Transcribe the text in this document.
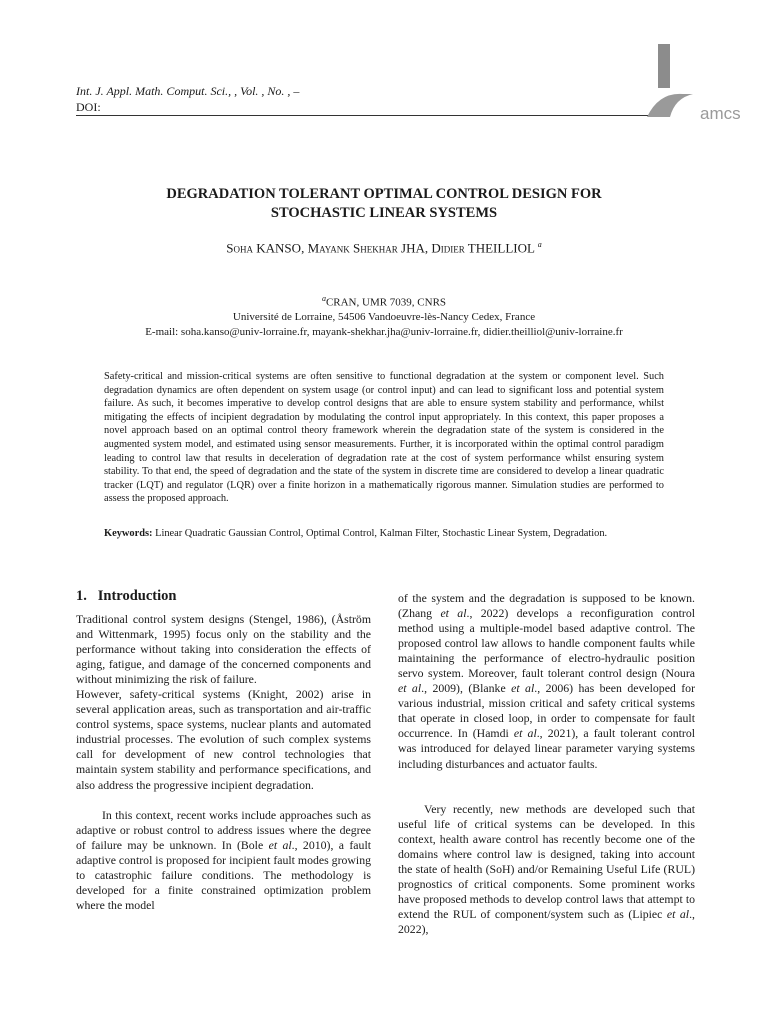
Int. J. Appl. Math. Comput. Sci., , Vol. , No. , –
DOI:	amcs
DEGRADATION TOLERANT OPTIMAL CONTROL DESIGN FOR
STOCHASTIC LINEAR SYSTEMS
Soha KANSO, Mayank Shekhar JHA, Didier THEILLIOL $^a$
$^a$CRAN, UMR 7039, CNRS
Université de Lorraine, 54506 Vandoeuvre-lès-Nancy Cedex, France
E-mail: soha.kanso@univ-lorraine.fr, mayank-shekhar.jha@univ-lorraine.fr, didier.theilliol@univ-lorraine.fr
Safety-critical and mission-critical systems are often sensitive to functional degradation at the system or component level. Such degradation dynamics are often dependent on system usage (or control input) and can lead to significant loss and potential system failure. As such, it becomes imperative to develop control designs that are able to ensure system stability and performance, whilst mitigating the effects of incipient degradation by modulating the control input appropriately. In this context, this paper proposes a novel approach based on an optimal control theory framework wherein the degradation state of the system is considered in the augmented system model, and estimated using sensor measurements. Further, it is incorporated within the optimal control paradigm leading to control law that results in deceleration of degradation rate at the cost of system performance whilst ensuring system stability. To that end, the speed of degradation and the state of the system in discrete time are considered to develop a linear quadratic tracker (LQT) and regulator (LQR) over a finite horizon in a mathematically rigorous manner. Simulation studies are performed to assess the proposed approach.
Keywords: Linear Quadratic Gaussian Control, Optimal Control, Kalman Filter, Stochastic Linear System, Degradation.
1.   Introduction

Traditional control system designs (Stengel, 1986), (Åström and Wittenmark, 1995) focus only on the stability and the performance without taking into consideration the effects of aging, fatigue, and damage of the concerned components and without minimizing the risk of failure.

However, safety-critical systems (Knight, 2002) arise in several application areas, such as transportation and air-traffic control systems, space systems, nuclear plants and automated industrial processes. The evolution of such complex systems call for development of new control technologies that maintain system stability and performance specifications, and also address the progressive incipient degradation.

In this context, recent works include approaches such as adaptive or robust control to address issues where the degree of failure may be unknown. In (Bole et al., 2010), a fault adaptive control is proposed for incipient fault modes growing to catastrophic failure conditions. The methodology is developed for a finite constrained optimization problem where the model

of the system and the degradation is supposed to be known. (Zhang et al., 2022) develops a reconfiguration control method using a multiple-model based adaptive control. The proposed control law allows to handle component faults while maintaining the performance of electro-hydraulic position servo system. Moreover, fault tolerant control design (Noura et al., 2009), (Blanke et al., 2006) has been developed for various industrial, mission critical and safety critical systems that operate in closed loop, in order to compensate for fault occurrence. In (Hamdi et al., 2021), a fault tolerant control was introduced for delayed linear parameter varying systems including disturbances and actuator faults.

Very recently, new methods are developed such that useful life of critical systems can be developed. In this context, health aware control has recently become one of the domains where control law is designed, taking into account the state of health (SoH) and/or Remaining Useful Life (RUL) prognostics of critical components. Some prominent works have proposed methods to develop control laws that attempt to extend the RUL of component/system such as (Lipiec et al., 2022),
